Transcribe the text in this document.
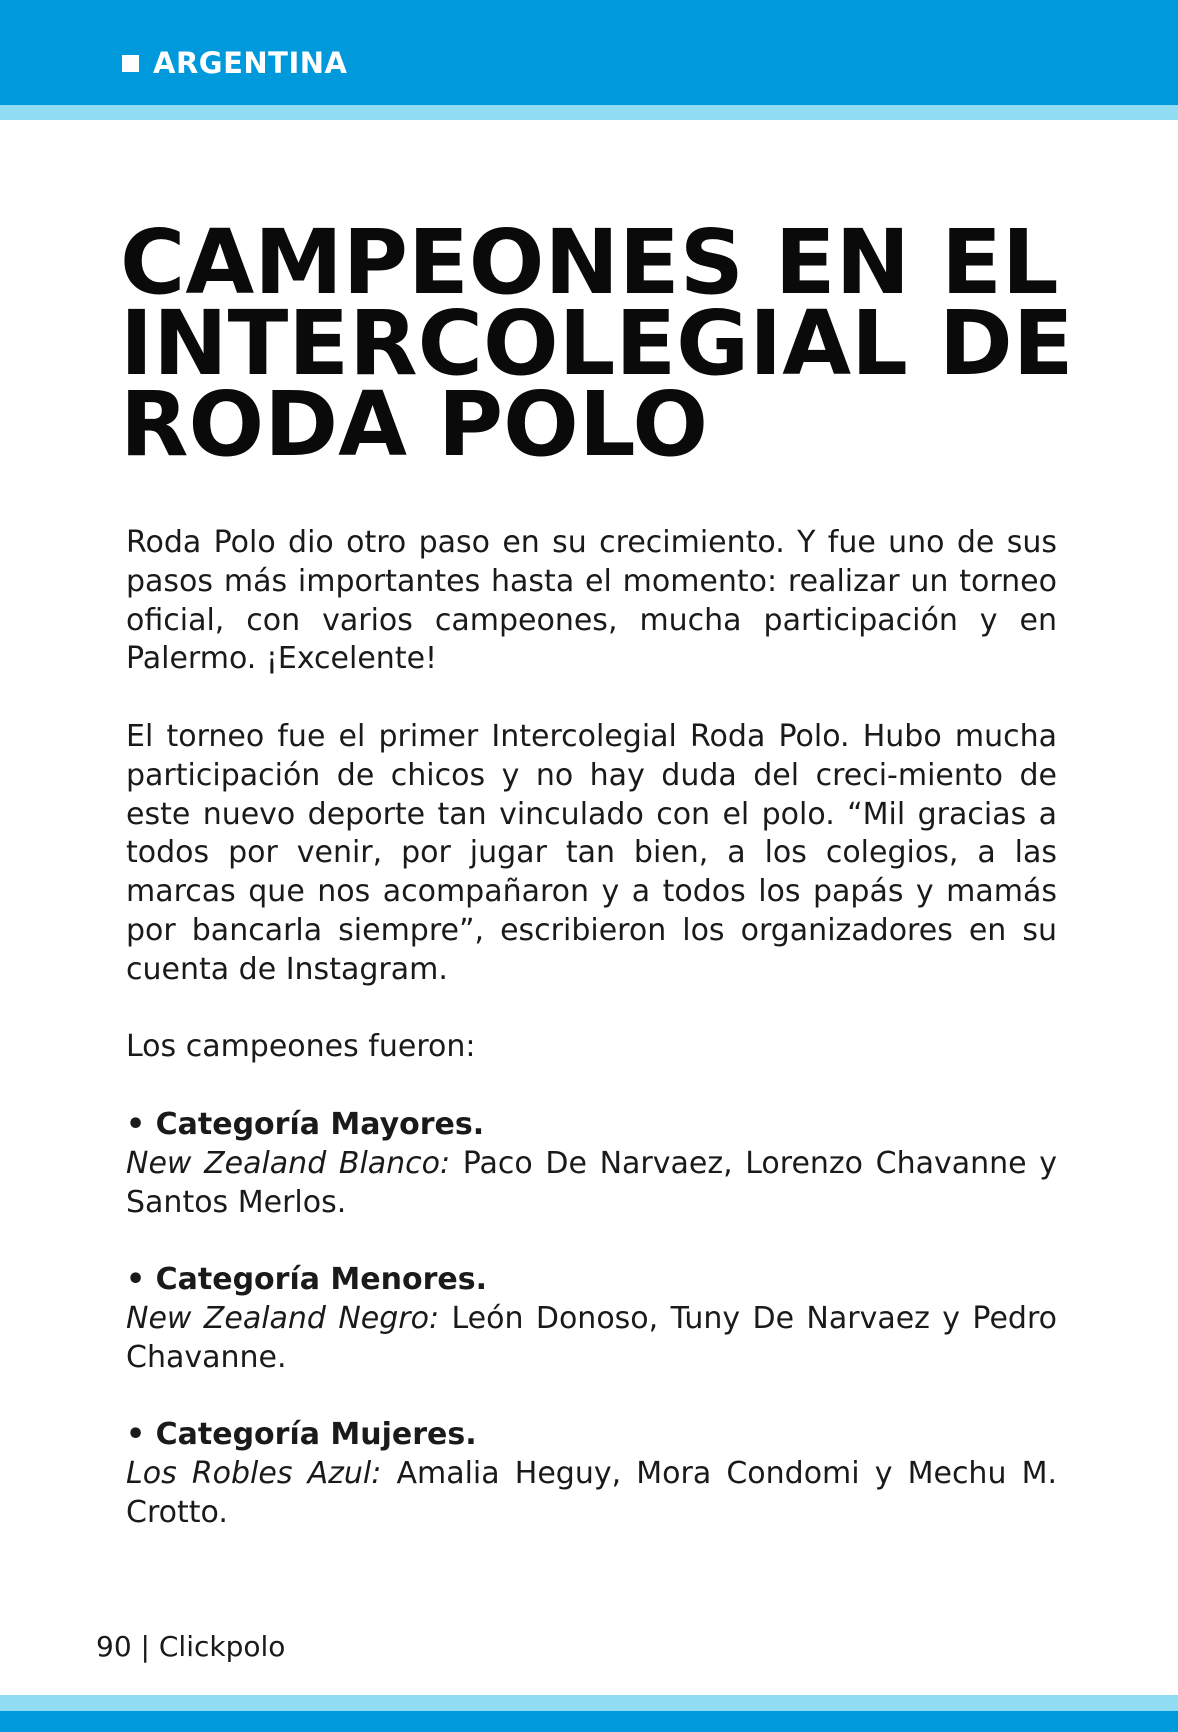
ARGENTINA
CAMPEONES EN EL
INTERCOLEGIAL DE
RODA POLO

Roda Polo dio otro paso en su crecimiento. Y fue uno de sus pasos más importantes hasta el momento: realizar un torneo oficial, con varios campeones, mucha participación y en Palermo. ¡Excelente!

El torneo fue el primer Intercolegial Roda Polo. Hubo mucha participación de chicos y no hay duda del creci-miento de este nuevo deporte tan vinculado con el polo. “Mil gracias a todos por venir, por jugar tan bien, a los colegios, a las marcas que nos acompañaron y a todos los papás y mamás por bancarla siempre”, escribieron los organizadores en su cuenta de Instagram.

Los campeones fueron:

• Categoría Mayores.
New Zealand Blanco: Paco De Narvaez, Lorenzo Chavanne y Santos Merlos.
• Categoría Menores.
New Zealand Negro: León Donoso, Tuny De Narvaez y Pedro Chavanne.
• Categoría Mujeres.
Los Robles Azul: Amalia Heguy, Mora Condomi y Mechu M. Crotto.
90 | Clickpolo
